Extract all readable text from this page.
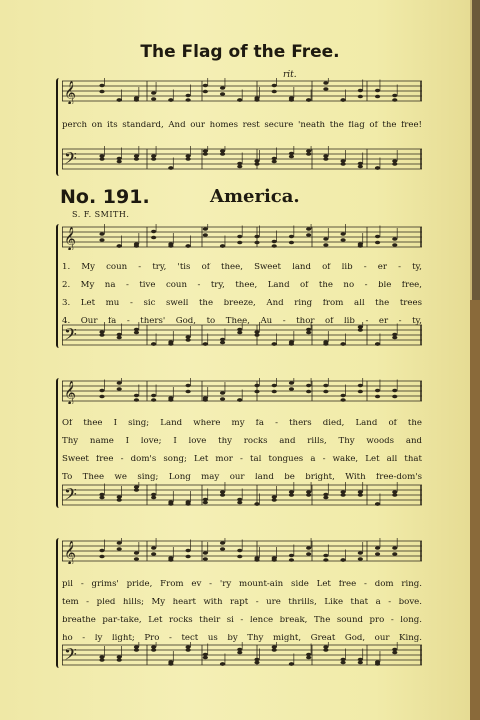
The Flag of the Free.
rit.
𝄞

perch on its standard, And our homes rest secure 'neath the flag of the free!

𝄢
No. 191.	America.
S. F. SMITH.
𝄞

1. My coun - try, 'tis of thee, Sweet land of lib - er - ty,

2. My na - tive coun - try, thee, Land of the no - ble free,

3. Let mu - sic swell the breeze, And ring from all the trees

4. Our fa - thers' God, to Thee, Au - thor of lib - er - ty,

𝄢
𝄞

Of thee I sing; Land where my fa - thers died, Land of the

Thy name I love; I love thy rocks and rills, Thy woods and

Sweet free - dom's song; Let mor - tal tongues a - wake, Let all that

To Thee we sing; Long may our land be bright, With free-dom's

𝄢
𝄞

pil - grims' pride, From ev - 'ry mount-ain side Let free - dom ring.

tem - pled hills; My heart with rapt - ure thrills, Like that a - bove.

breathe par-take, Let rocks their si - lence break, The sound pro - long.

ho - ly light; Pro - tect us by Thy might, Great God, our King.

𝄢
